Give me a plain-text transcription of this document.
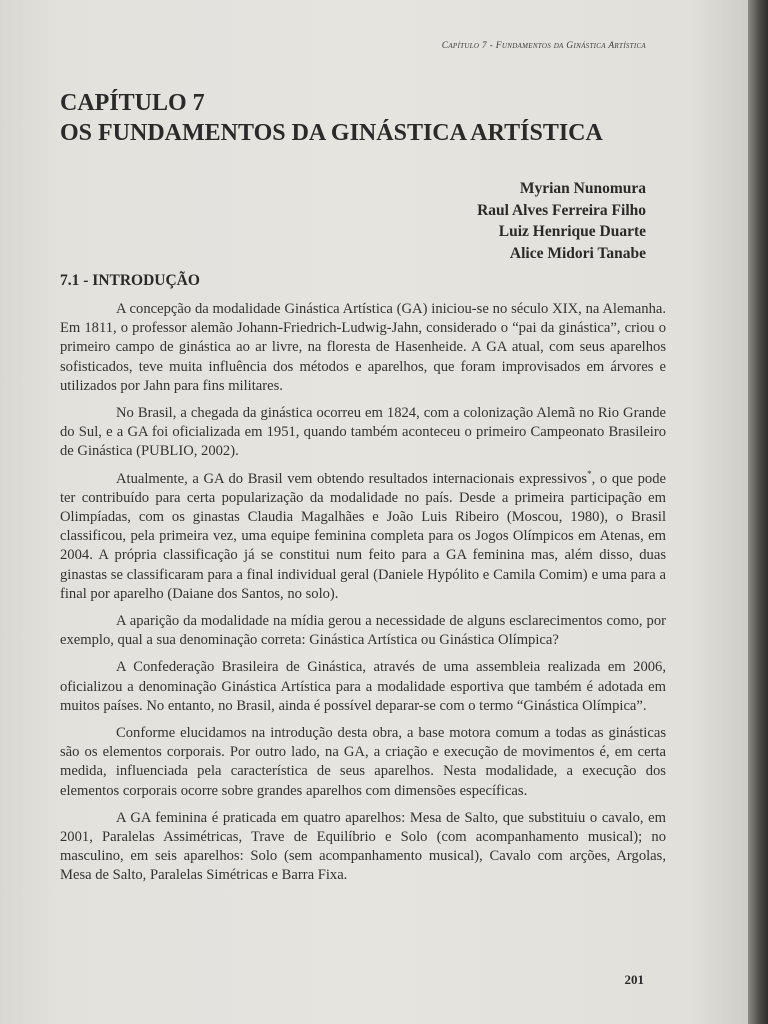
Capítulo 7 - Fundamentos da Ginástica Artística
CAPÍTULO 7
OS FUNDAMENTOS DA GINÁSTICA ARTÍSTICA
Myrian Nunomura
Raul Alves Ferreira Filho
Luiz Henrique Duarte
Alice Midori Tanabe
7.1 - INTRODUÇÃO

A concepção da modalidade Ginástica Artística (GA) iniciou-se no século XIX, na Alemanha. Em 1811, o professor alemão Johann-Friedrich-Ludwig-Jahn, considerado o “pai da ginástica”, criou o primeiro campo de ginástica ao ar livre, na floresta de Hasenheide. A GA atual, com seus aparelhos sofisticados, teve muita influência dos métodos e aparelhos, que foram improvisados em árvores e utilizados por Jahn para fins militares.

No Brasil, a chegada da ginástica ocorreu em 1824, com a colonização Alemã no Rio Grande do Sul, e a GA foi oficializada em 1951, quando também aconteceu o primeiro Campeonato Brasileiro de Ginástica (PUBLIO, 2002).

Atualmente, a GA do Brasil vem obtendo resultados internacionais expressivos*, o que pode ter contribuído para certa popularização da modalidade no país. Desde a primeira participação em Olimpíadas, com os ginastas Claudia Magalhães e João Luis Ribeiro (Moscou, 1980), o Brasil classificou, pela primeira vez, uma equipe feminina completa para os Jogos Olímpicos em Atenas, em 2004. A própria classificação já se constitui num feito para a GA feminina mas, além disso, duas ginastas se classificaram para a final individual geral (Daniele Hypólito e Camila Comim) e uma para a final por aparelho (Daiane dos Santos, no solo).

A aparição da modalidade na mídia gerou a necessidade de alguns esclarecimentos como, por exemplo, qual a sua denominação correta: Ginástica Artística ou Ginástica Olímpica?

A Confederação Brasileira de Ginástica, através de uma assembleia realizada em 2006, oficializou a denominação Ginástica Artística para a modalidade esportiva que também é adotada em muitos países. No entanto, no Brasil, ainda é possível deparar-se com o termo “Ginástica Olímpica”.

Conforme elucidamos na introdução desta obra, a base motora comum a todas as ginásticas são os elementos corporais. Por outro lado, na GA, a criação e execução de movimentos é, em certa medida, influenciada pela característica de seus aparelhos. Nesta modalidade, a execução dos elementos corporais ocorre sobre grandes aparelhos com dimensões específicas.

A GA feminina é praticada em quatro aparelhos: Mesa de Salto, que substituiu o cavalo, em 2001, Paralelas Assimétricas, Trave de Equilíbrio e Solo (com acompanhamento musical); no masculino, em seis aparelhos: Solo (sem acompanhamento musical), Cavalo com arções, Argolas, Mesa de Salto, Paralelas Simétricas e Barra Fixa.

201
